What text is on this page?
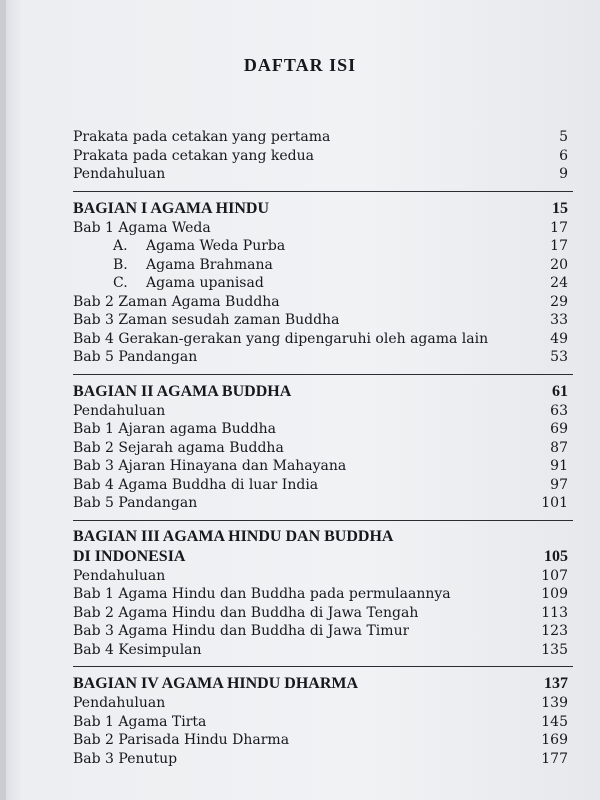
DAFTAR ISI
Prakata pada cetakan yang pertama	5
Prakata pada cetakan yang kedua	6
Pendahuluan	9
BAGIAN I AGAMA HINDU	15
Bab 1 Agama Weda	17
A. Agama Weda Purba	17
B. Agama Brahmana	20
C. Agama upanisad	24
Bab 2 Zaman Agama Buddha	29
Bab 3 Zaman sesudah zaman Buddha	33
Bab 4 Gerakan-gerakan yang dipengaruhi oleh agama lain	49
Bab 5 Pandangan	53
BAGIAN II AGAMA BUDDHA	61
Pendahuluan	63
Bab 1 Ajaran agama Buddha	69
Bab 2 Sejarah agama Buddha	87
Bab 3 Ajaran Hinayana dan Mahayana	91
Bab 4 Agama Buddha di luar India	97
Bab 5 Pandangan	101
BAGIAN III AGAMA HINDU DAN BUDDHA
DI INDONESIA	105
Pendahuluan	107
Bab 1 Agama Hindu dan Buddha pada permulaannya	109
Bab 2 Agama Hindu dan Buddha di Jawa Tengah	113
Bab 3 Agama Hindu dan Buddha di Jawa Timur	123
Bab 4 Kesimpulan	135
BAGIAN IV AGAMA HINDU DHARMA	137
Pendahuluan	139
Bab 1 Agama Tirta	145
Bab 2 Parisada Hindu Dharma	169
Bab 3 Penutup	177
